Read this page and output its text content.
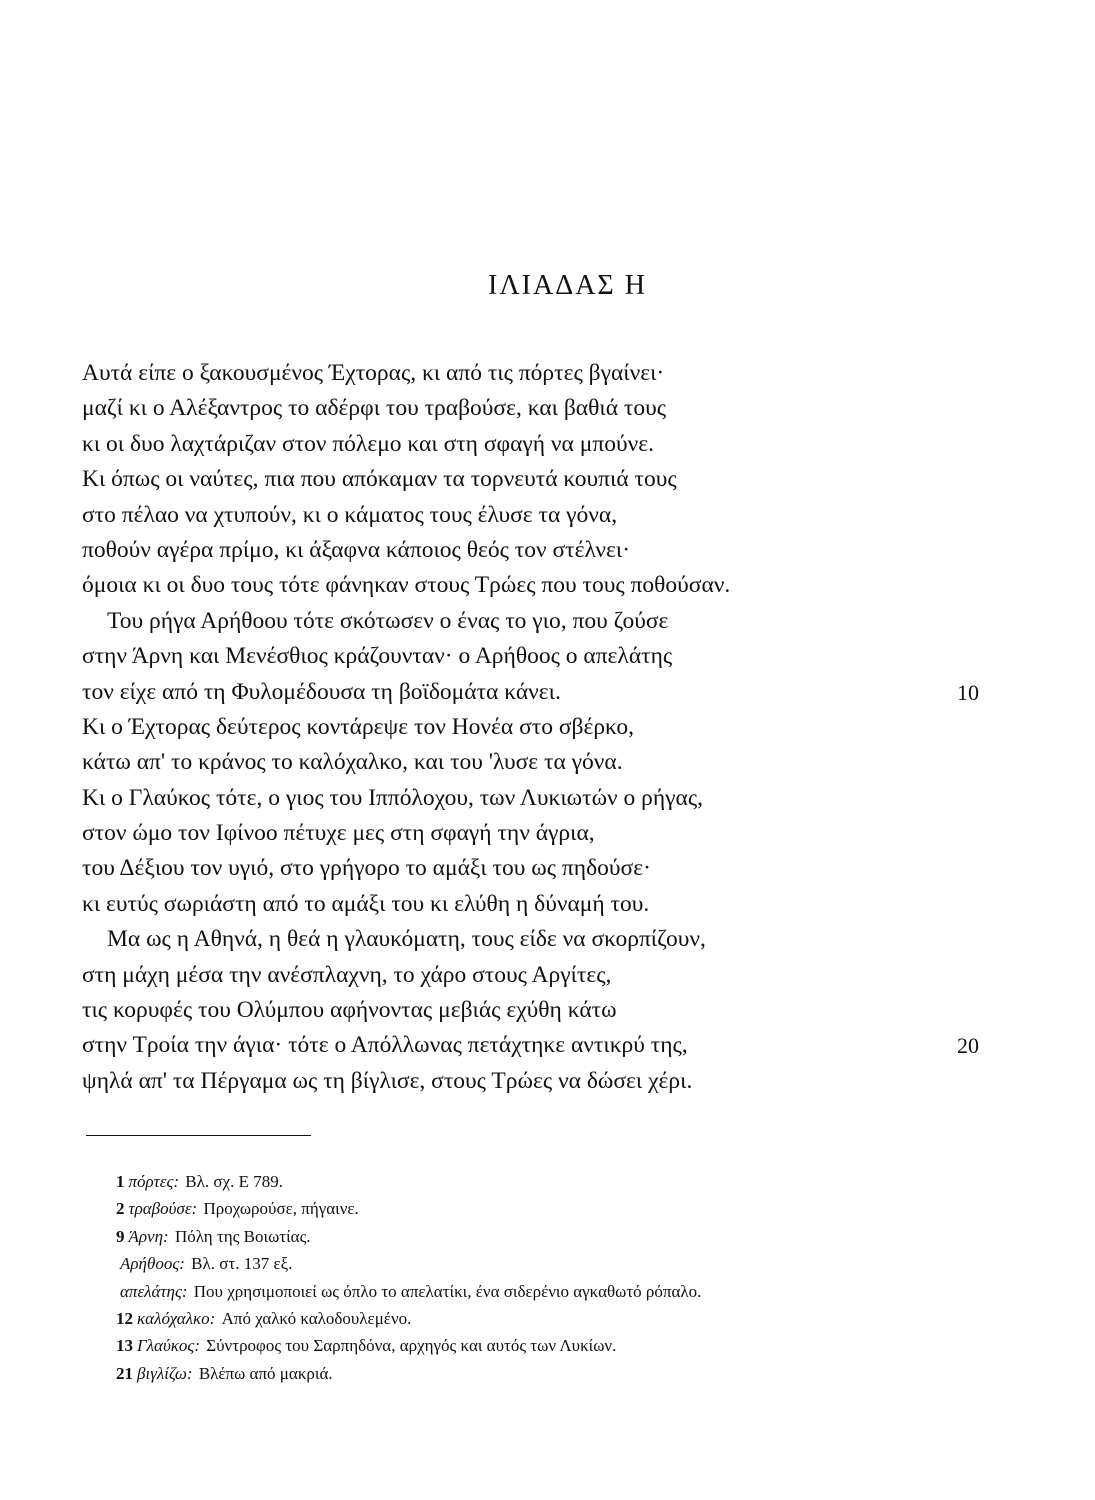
ΙΛΙΑΔΑΣ Η
Αυτά είπε ο ξακουσμένος Έχτορας, κι από τις πόρτες βγαίνει·
μαζί κι ο Αλέξαντρος το αδέρφι του τραβούσε, και βαθιά τους
κι οι δυο λαχτάριζαν στον πόλεμο και στη σφαγή να μπούνε.
Κι όπως οι ναύτες, πια που απόκαμαν τα τορνευτά κουπιά τους
στο πέλαο να χτυπούν, κι ο κάματος τους έλυσε τα γόνα,
ποθούν αγέρα πρίμο, κι άξαφνα κάποιος θεός τον στέλνει·
όμοια κι οι δυο τους τότε φάνηκαν στους Τρώες που τους ποθούσαν.
Του ρήγα Αρήθοου τότε σκότωσεν ο ένας το γιο, που ζούσε
στην Άρνη και Μενέσθιος κράζουνταν· ο Αρήθοος ο απελάτης
τον είχε από τη Φυλομέδουσα τη βοϊδομάτα κάνει.	10
Κι ο Έχτορας δεύτερος κοντάρεψε τον Ηονέα στο σβέρκο,
κάτω απ' το κράνος το καλόχαλκο, και του 'λυσε τα γόνα.
Κι ο Γλαύκος τότε, ο γιος του Ιππόλοχου, των Λυκιωτών ο ρήγας,
στον ώμο τον Ιφίνοο πέτυχε μες στη σφαγή την άγρια,
του Δέξιου τον υγιό, στο γρήγορο το αμάξι του ως πηδούσε·
κι ευτύς σωριάστη από το αμάξι του κι ελύθη η δύναμή του.
Μα ως η Αθηνά, η θεά η γλαυκόματη, τους είδε να σκορπίζουν,
στη μάχη μέσα την ανέσπλαχνη, το χάρο στους Αργίτες,
τις κορυφές του Ολύμπου αφήνοντας μεβιάς εχύθη κάτω
στην Τροία την άγια· τότε ο Απόλλωνας πετάχτηκε αντικρύ της,	20
ψηλά απ' τα Πέργαμα ως τη βίγλισε, στους Τρώες να δώσει χέρι.
1 πόρτες: Βλ. σχ. Ε 789.
2 τραβούσε: Προχωρούσε, πήγαινε.
9 Άρνη: Πόλη της Βοιωτίας.
Αρήθοος: Βλ. στ. 137 εξ.
απελάτης: Που χρησιμοποιεί ως όπλο το απελατίκι, ένα σιδερένιο αγκαθωτό ρόπαλο.
12 καλόχαλκο: Από χαλκό καλοδουλεμένο.
13 Γλαύκος: Σύντροφος του Σαρπηδόνα, αρχηγός και αυτός των Λυκίων.
21 βιγλίζω: Βλέπω από μακριά.
